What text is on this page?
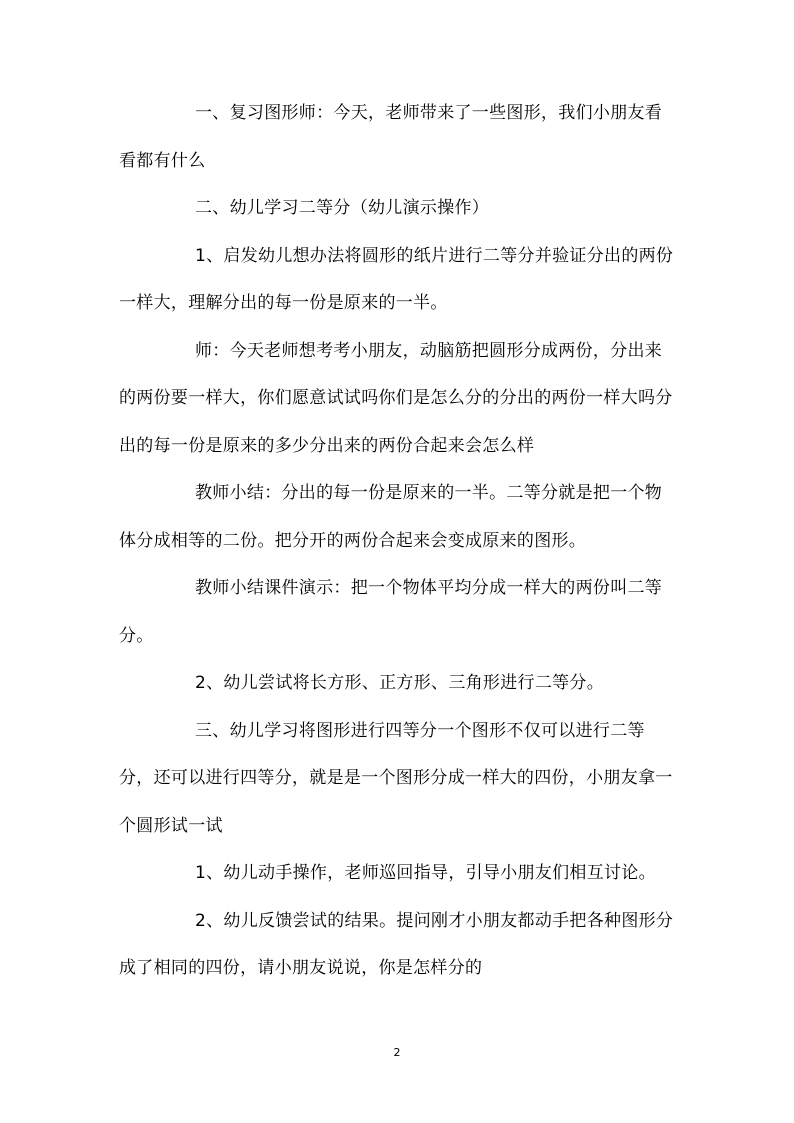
一、复习图形师：今天，老师带来了一些图形，我们小朋友看看都有什么

二、幼儿学习二等分（幼儿演示操作）

1、启发幼儿想办法将圆形的纸片进行二等分并验证分出的两份一样大，理解分出的每一份是原来的一半。

师：今天老师想考考小朋友，动脑筋把圆形分成两份，分出来的两份要一样大，你们愿意试试吗你们是怎么分的分出的两份一样大吗分出的每一份是原来的多少分出来的两份合起来会怎么样

教师小结：分出的每一份是原来的一半。二等分就是把一个物体分成相等的二份。把分开的两份合起来会变成原来的图形。

教师小结课件演示：把一个物体平均分成一样大的两份叫二等分。

2、幼儿尝试将长方形、正方形、三角形进行二等分。

三、幼儿学习将图形进行四等分一个图形不仅可以进行二等分，还可以进行四等分，就是是一个图形分成一样大的四份，小朋友拿一个圆形试一试

1、幼儿动手操作，老师巡回指导，引导小朋友们相互讨论。

2、幼儿反馈尝试的结果。提问刚才小朋友都动手把各种图形分成了相同的四份，请小朋友说说，你是怎样分的

2
